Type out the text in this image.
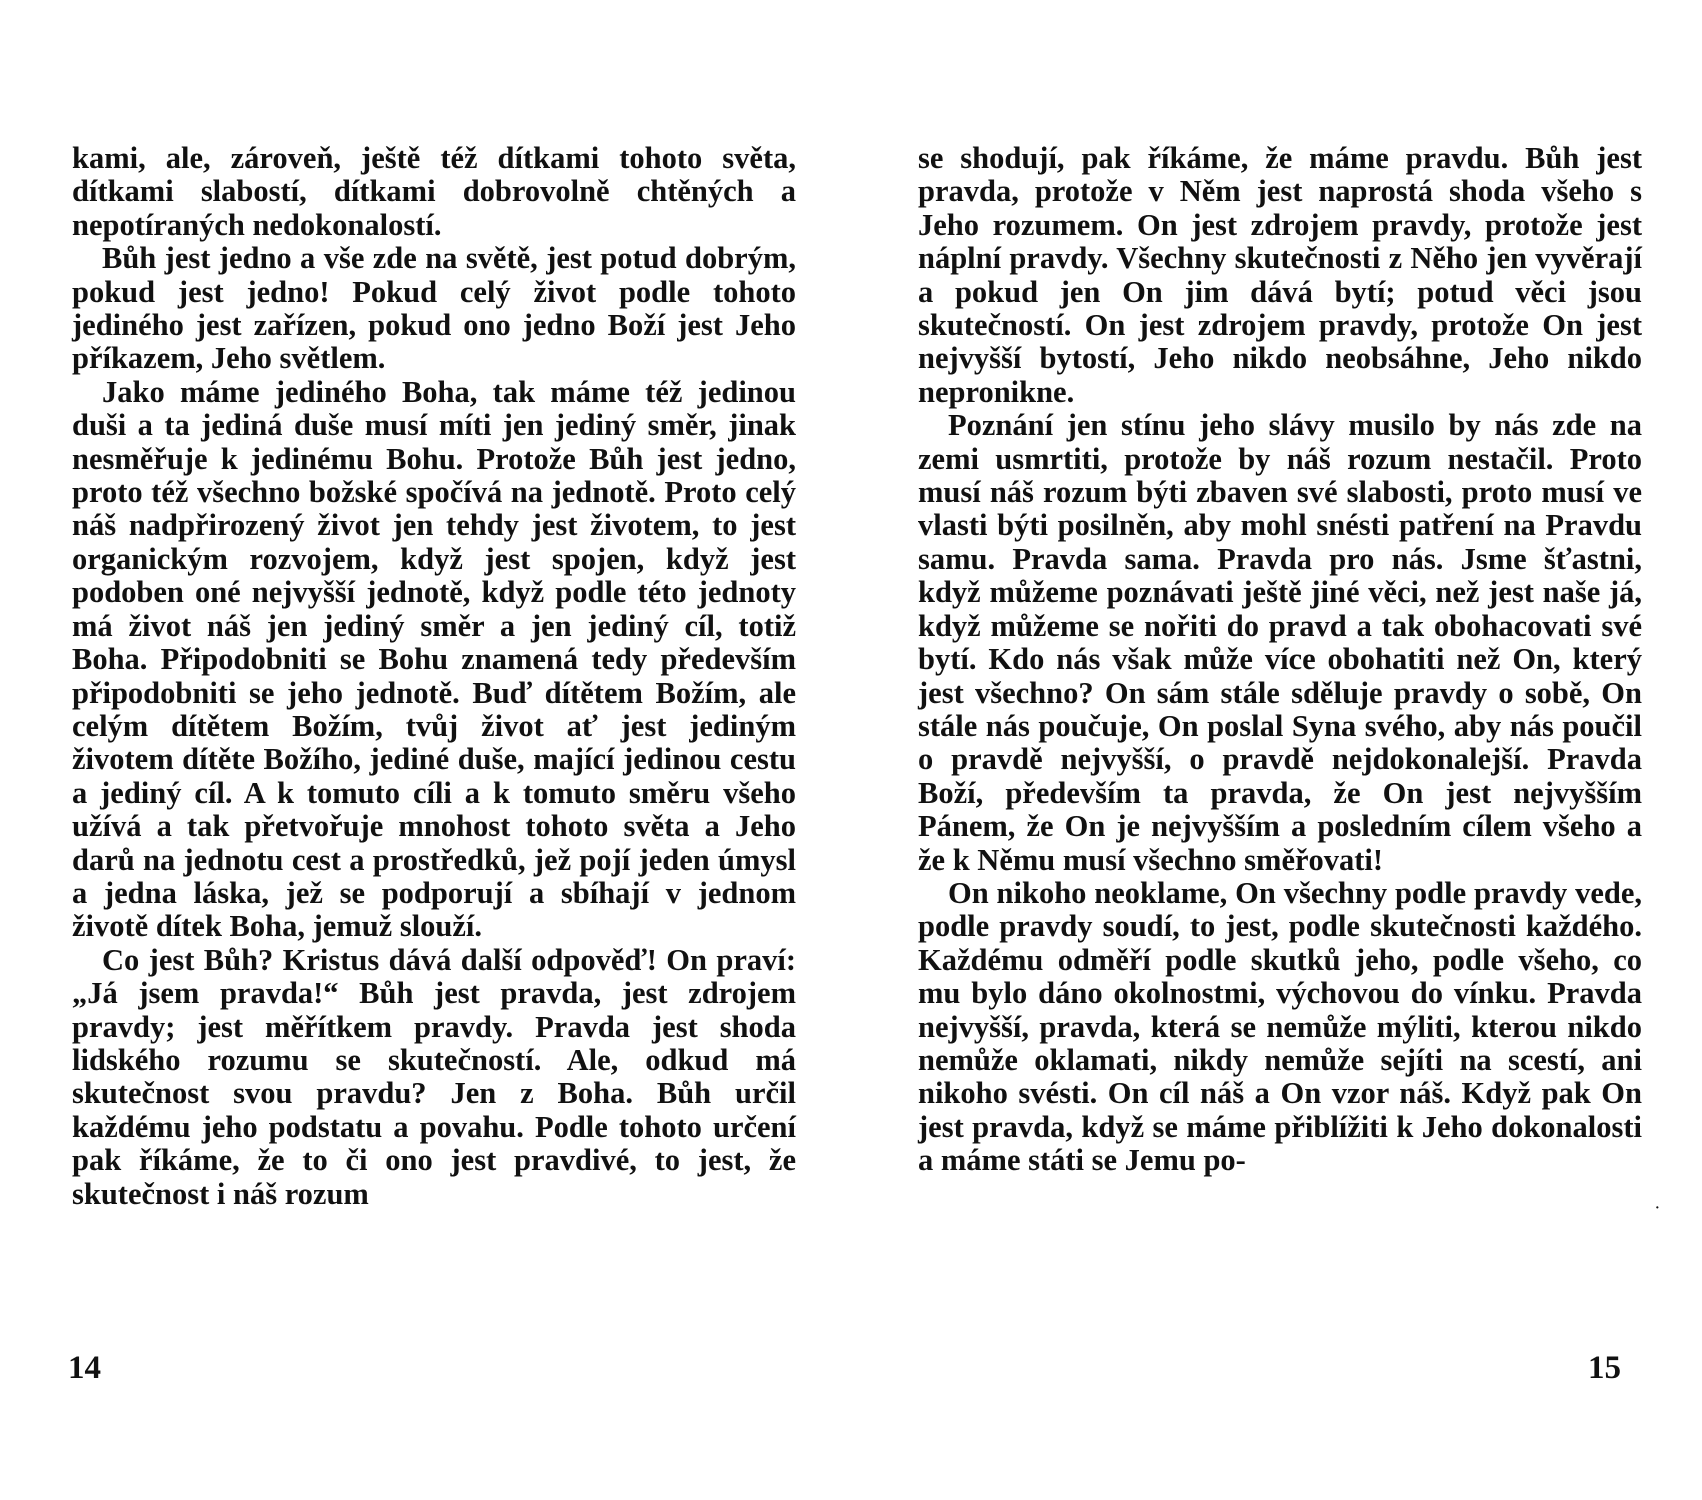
kami, ale, zároveň, ještě též dítkami tohoto světa, dítkami slabostí, dítkami dobrovolně chtěných a nepotíraných nedokonalostí.

Bůh jest jedno a vše zde na světě, jest potud dobrým, pokud jest jedno! Pokud celý život podle tohoto jediného jest zařízen, pokud ono jedno Boží jest Jeho příkazem, Jeho světlem.

Jako máme jediného Boha, tak máme též jedinou duši a ta jediná duše musí míti jen jediný směr, jinak nesměřuje k jedinému Bohu. Protože Bůh jest jedno, proto též všechno božské spočívá na jednotě. Proto celý náš nadpřirozený život jen tehdy jest životem, to jest organickým rozvojem, když jest spojen, když jest podoben oné nejvyšší jednotě, když podle této jednoty má život náš jen jediný směr a jen jediný cíl, totiž Boha. Připodobniti se Bohu znamená tedy především připodobniti se jeho jednotě. Buď dítětem Božím, ale celým dítětem Božím, tvůj život ať jest jediným životem dítěte Božího, jediné duše, mající jedinou cestu a jediný cíl. A k tomuto cíli a k tomuto směru všeho užívá a tak přetvořuje mnohost tohoto světa a Jeho darů na jednotu cest a prostředků, jež pojí jeden úmysl a jedna láska, jež se podporují a sbíhají v jednom životě dítek Boha, jemuž slouží.

Co jest Bůh? Kristus dává další odpověď! On praví: „Já jsem pravda!“ Bůh jest pravda, jest zdrojem pravdy; jest měřítkem pravdy. Pravda jest shoda lidského rozumu se skutečností. Ale, odkud má skutečnost svou pravdu? Jen z Boha. Bůh určil každému jeho podstatu a povahu. Podle tohoto určení pak říkáme, že to či ono jest pravdivé, to jest, že skutečnost i náš rozum

se shodují, pak říkáme, že máme pravdu. Bůh jest pravda, protože v Něm jest naprostá shoda všeho s Jeho rozumem. On jest zdrojem pravdy, protože jest náplní pravdy. Všechny skutečnosti z Něho jen vyvěrají a pokud jen On jim dává bytí; potud věci jsou skutečností. On jest zdrojem pravdy, protože On jest nejvyšší bytostí, Jeho nikdo neobsáhne, Jeho nikdo nepronikne.

Poznání jen stínu jeho slávy musilo by nás zde na zemi usmrtiti, protože by náš rozum nestačil. Proto musí náš rozum býti zbaven své slabosti, proto musí ve vlasti býti posilněn, aby mohl snésti patření na Pravdu samu. Pravda sama. Pravda pro nás. Jsme šťastni, když můžeme poznávati ještě jiné věci, než jest naše já, když můžeme se nořiti do pravd a tak obohacovati své bytí. Kdo nás však může více obohatiti než On, který jest všechno? On sám stále sděluje pravdy o sobě, On stále nás poučuje, On poslal Syna svého, aby nás poučil o pravdě nejvyšší, o pravdě nejdokonalejší. Pravda Boží, především ta pravda, že On jest nejvyšším Pánem, že On je nejvyšším a posledním cílem všeho a že k Němu musí všechno směřovati!

On nikoho neoklame, On všechny podle pravdy vede, podle pravdy soudí, to jest, podle skutečnosti každého. Každému odměří podle skutků jeho, podle všeho, co mu bylo dáno okolnostmi, výchovou do vínku. Pravda nejvyšší, pravda, která se nemůže mýliti, kterou nikdo nemůže oklamati, nikdy nemůže sejíti na scestí, ani nikoho svésti. On cíl náš a On vzor náš. Když pak On jest pravda, když se máme přiblížiti k Jeho dokonalosti a máme státi se Jemu po-

14	15
·
